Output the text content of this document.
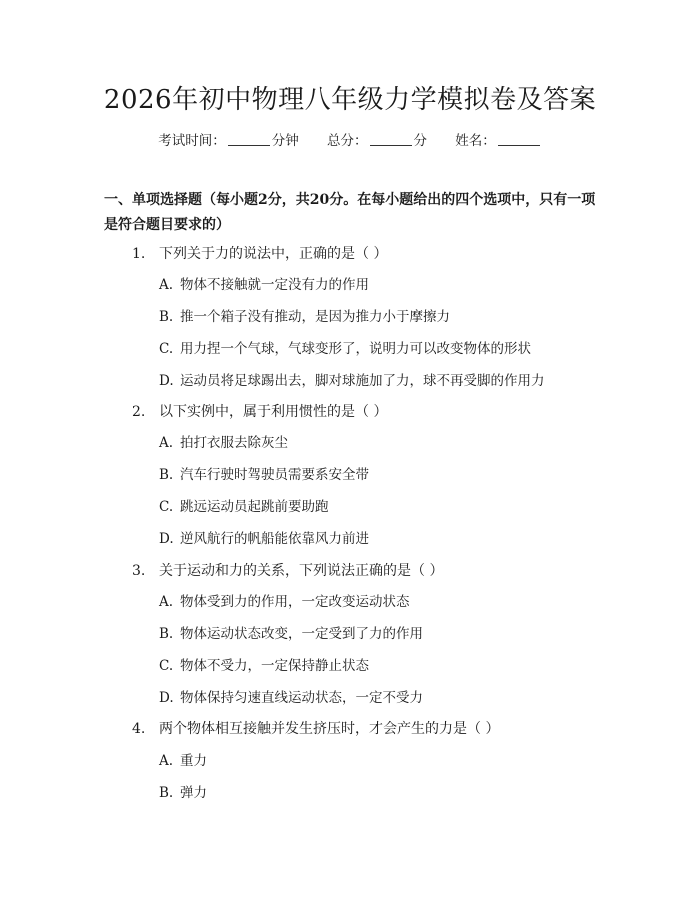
2026年初中物理八年级力学模拟卷及答案
考试时间：	分钟 总分：	分 姓名：
一、单项选择题（每小题2分，共20分。在每小题给出的四个选项中，只有一项是符合题目要求的）
1. 下列关于力的说法中，正确的是（ ）
A. 物体不接触就一定没有力的作用
B. 推一个箱子没有推动，是因为推力小于摩擦力
C. 用力捏一个气球，气球变形了，说明力可以改变物体的形状
D. 运动员将足球踢出去，脚对球施加了力，球不再受脚的作用力
2. 以下实例中，属于利用惯性的是（ ）
A. 拍打衣服去除灰尘
B. 汽车行驶时驾驶员需要系安全带
C. 跳远运动员起跳前要助跑
D. 逆风航行的帆船能依靠风力前进
3. 关于运动和力的关系，下列说法正确的是（ ）
A. 物体受到力的作用，一定改变运动状态
B. 物体运动状态改变，一定受到了力的作用
C. 物体不受力，一定保持静止状态
D. 物体保持匀速直线运动状态，一定不受力
4. 两个物体相互接触并发生挤压时，才会产生的力是（ ）
A. 重力
B. 弹力
